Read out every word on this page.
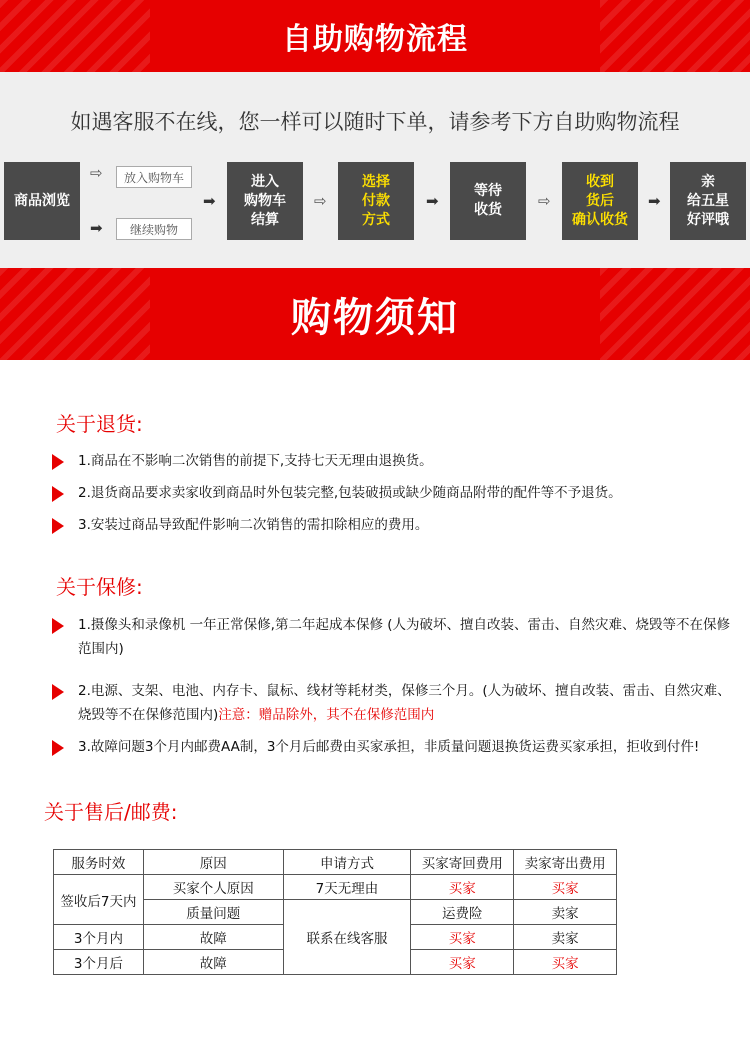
自助购物流程
如遇客服不在线，您一样可以随时下单，请参考下方自助购物流程
商品浏览
⇨ 放入购物车
➡ 继续购物
➡
进入
购物车
结算
⇨
选择
付款
方式
➡
等待
收货 ⇨
收到
货后
确认收货
➡
亲
给五星
好评哦
购物须知
关于退货:
1.商品在不影响二次销售的前提下,支持七天无理由退换货。
2.退货商品要求卖家收到商品时外包装完整,包装破损或缺少随商品附带的配件等不予退货。
3.安装过商品导致配件影响二次销售的需扣除相应的费用。
关于保修:
1.摄像头和录像机 一年正常保修,第二年起成本保修 (人为破坏、擅自改装、雷击、自然灾难、烧毁等不在保修范围内)
2.电源、支架、电池、内存卡、鼠标、线材等耗材类，保修三个月。(人为破坏、擅自改装、雷击、自然灾难、烧毁等不在保修范围内)注意：赠品除外，其不在保修范围内
3.故障问题3个月内邮费AA制，3个月后邮费由买家承担，非质量问题退换货运费买家承担，拒收到付件!
关于售后/邮费:
服务时效	原因	申请方式	买家寄回费用	卖家寄出费用
签收后7天内	买家个人原因	7天无理由	买家	买家
	质量问题	联系在线客服	运费险	卖家
3个月内	故障		买家	卖家
3个月后	故障		买家	买家
